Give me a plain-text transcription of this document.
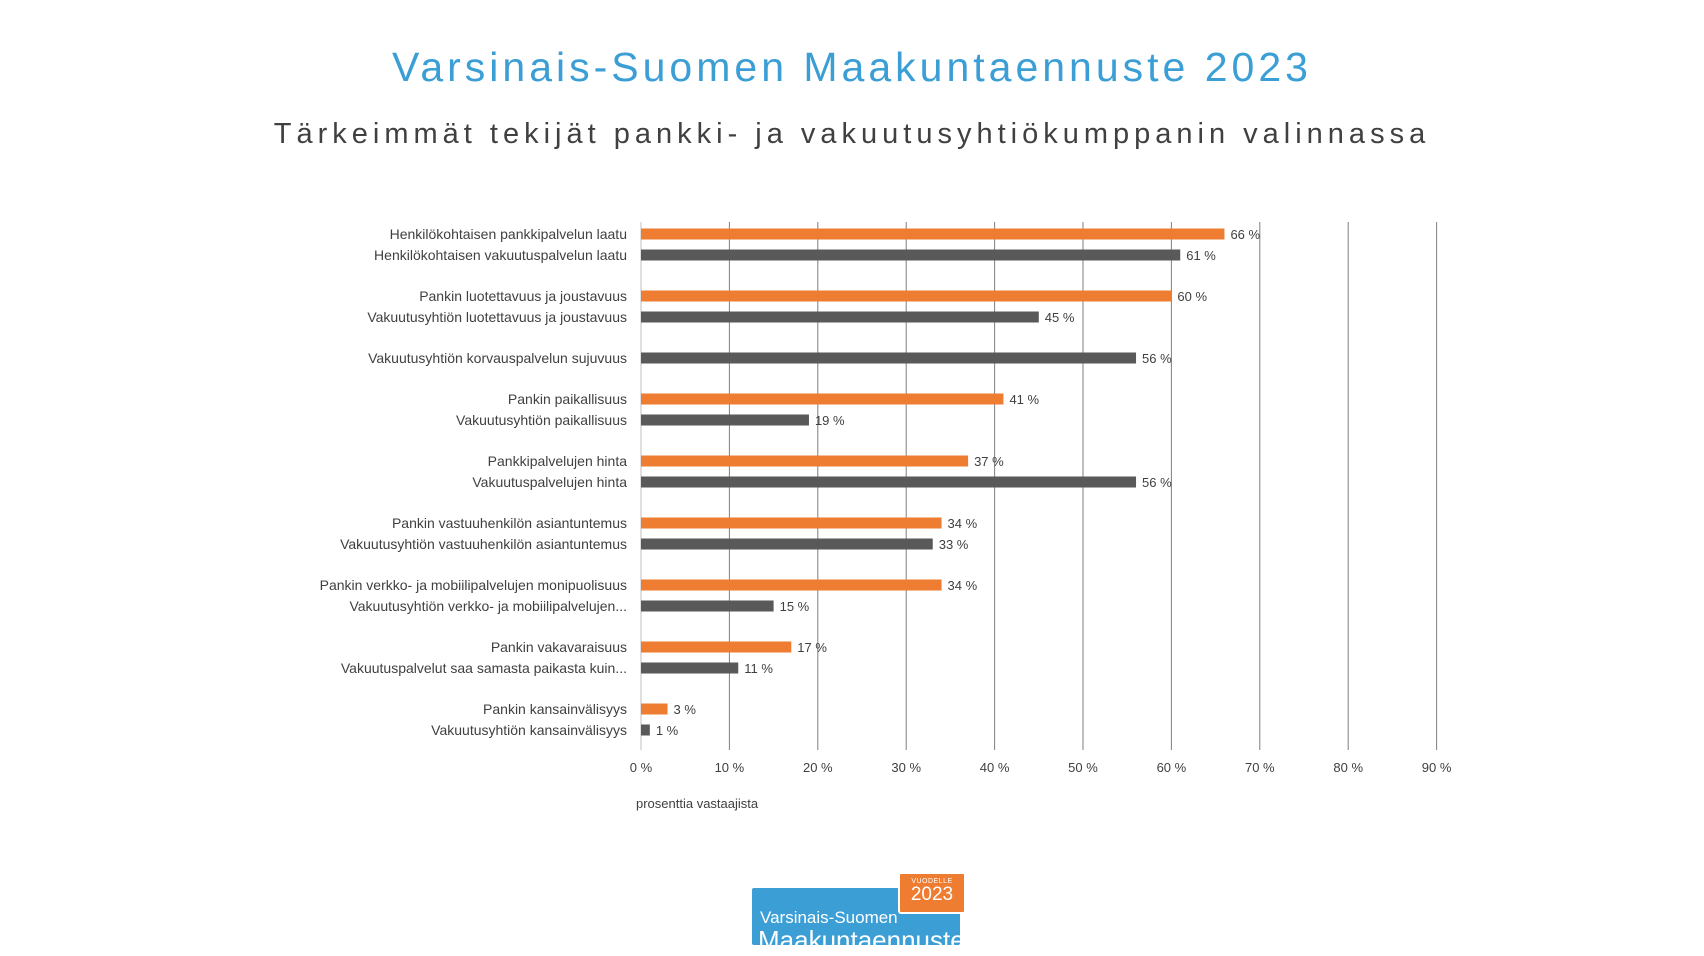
Varsinais-Suomen Maakuntaennuste 2023
Tärkeimmät tekijät pankki- ja vakuutusyhtiökumppanin valinnassa
0 %	10 %	20 %	30 %	40 %	50 %	60 %	70 %	80 %	90 %
prosenttia vastaajista
Henkilökohtaisen pankkipalvelun laatu	66 %
Henkilökohtaisen vakuutuspalvelun laatu	61 %
Pankin luotettavuus ja joustavuus	60 %
Vakuutusyhtiön luotettavuus ja joustavuus	45 %
Vakuutusyhtiön korvauspalvelun sujuvuus	56 %
Pankin paikallisuus	41 %
Vakuutusyhtiön paikallisuus	19 %
Pankkipalvelujen hinta	37 %
Vakuutuspalvelujen hinta	56 %
Pankin vastuuhenkilön asiantuntemus	34 %
Vakuutusyhtiön vastuuhenkilön asiantuntemus	33 %
Pankin verkko- ja mobiilipalvelujen monipuolisuus	34 %
Vakuutusyhtiön verkko- ja mobiilipalvelujen...	15 %
Pankin vakavaraisuus	17 %
Vakuutuspalvelut saa samasta paikasta kuin...	11 %
Pankin kansainvälisyys	3 %
Vakuutusyhtiön kansainvälisyys 1 %
Varsinais-Suomen
Maakuntaennuste
VUODELLE
2023
